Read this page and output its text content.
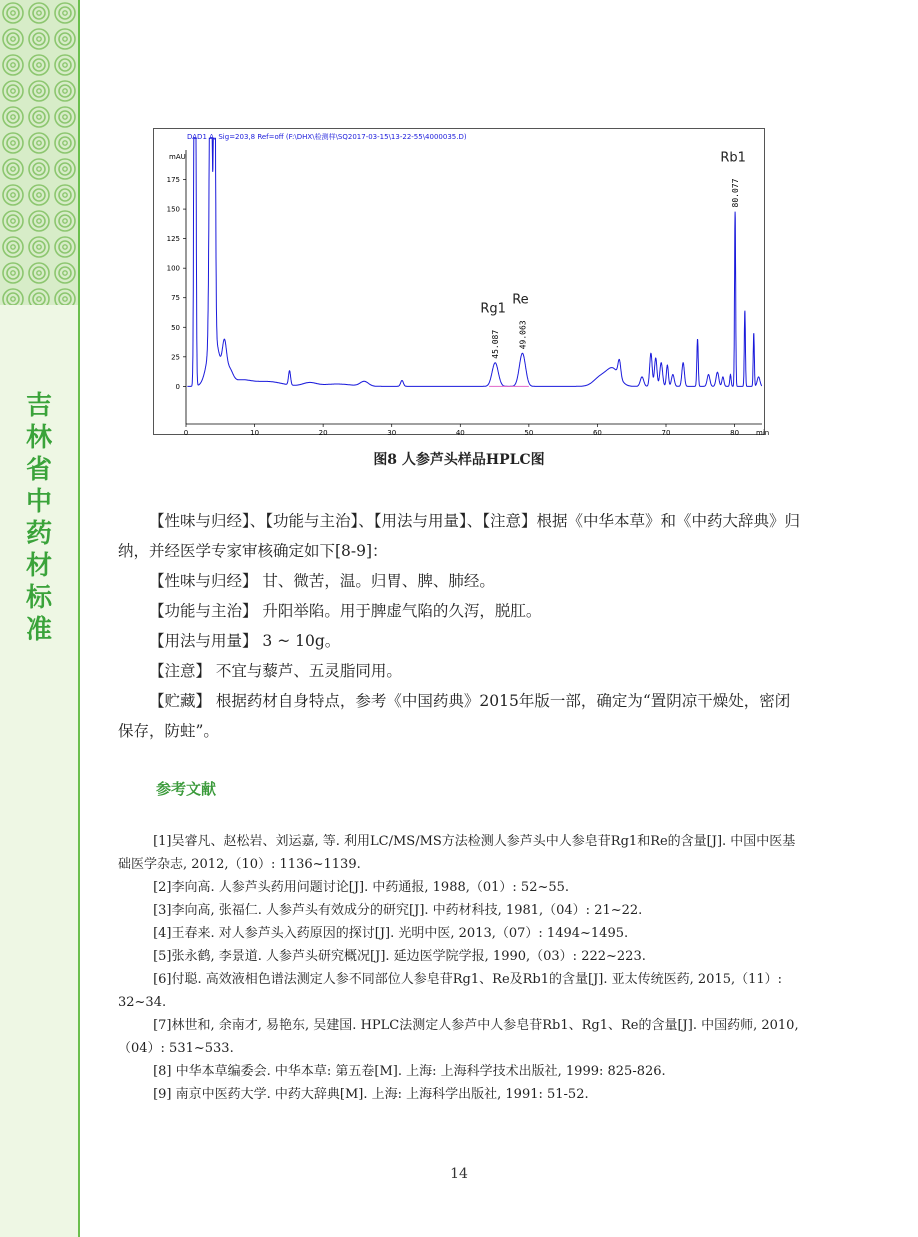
吉
林
省
中
药
材
标
准
DAD1 A, Sig=203,8 Ref=off (F:\DHX\检测样\SQ2017-03-15\13-22-55\4000035.D)
mAU
0
25
50
75
100
125
150
175
0	10	20	30	40	50	60	70	80 min
45.087
Rg1
49.063
Re
80.077
Rb1
图8 人参芦头样品HPLC图

【性味与归经】、【功能与主治】、【用法与用量】、【注意】根据《中华本草》和《中药大辞典》归纳，并经医学专家审核确定如下[8-9]：

【性味与归经】 甘、微苦，温。归胃、脾、肺经。

【功能与主治】 升阳举陷。用于脾虚气陷的久泻，脱肛。

【用法与用量】 3 ~ 10g。

【注意】 不宜与藜芦、五灵脂同用。

【贮藏】 根据药材自身特点，参考《中国药典》2015年版一部，确定为“置阴凉干燥处，密闭保存，防蛀”。

参考文献

[1]吴睿凡、赵松岩、刘运嘉, 等. 利用LC/MS/MS方法检测人参芦头中人参皂苷Rg1和Re的含量[J]. 中国中医基础医学杂志, 2012,（10）: 1136~1139.

[2]李向高. 人参芦头药用问题讨论[J]. 中药通报, 1988,（01）: 52~55.

[3]李向高, 张福仁. 人参芦头有效成分的研究[J]. 中药材科技, 1981,（04）: 21~22.

[4]王春来. 对人参芦头入药原因的探讨[J]. 光明中医, 2013,（07）: 1494~1495.

[5]张永鹤, 李景道. 人参芦头研究概况[J]. 延边医学院学报, 1990,（03）: 222~223.

[6]付聪. 高效液相色谱法测定人参不同部位人参皂苷Rg1、Re及Rb1的含量[J]. 亚太传统医药, 2015,（11）: 32~34.

[7]林世和, 余南才, 易艳东, 吴建国. HPLC法测定人参芦中人参皂苷Rb1、Rg1、Re的含量[J]. 中国药师, 2010,（04）: 531~533.

[8] 中华本草编委会. 中华本草: 第五卷[M]. 上海: 上海科学技术出版社, 1999: 825-826.

[9] 南京中医药大学. 中药大辞典[M]. 上海: 上海科学出版社, 1991: 51-52.

14
